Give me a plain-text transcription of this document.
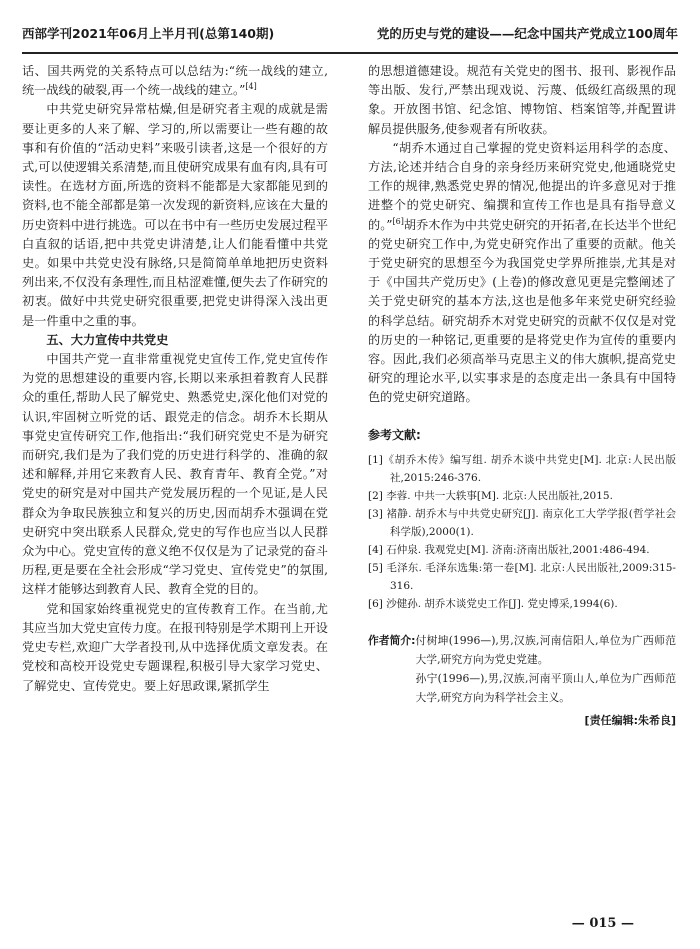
西部学刊2021年06月上半月刊(总第140期)	党的历史与党的建设——纪念中国共产党成立100周年

话、国共两党的关系特点可以总结为:“统一战线的建立,统一战线的破裂,再一个统一战线的建立。”[4]

中共党史研究异常枯燥,但是研究者主观的成就是需要让更多的人来了解、学习的,所以需要让一些有趣的故事和有价值的“活动史料”来吸引读者,这是一个很好的方式,可以使逻辑关系清楚,而且使研究成果有血有肉,具有可读性。在选材方面,所选的资料不能都是大家都能见到的资料,也不能全部都是第一次发现的新资料,应该在大量的历史资料中进行挑选。可以在书中有一些历史发展过程平白直叙的话语,把中共党史讲清楚,让人们能看懂中共党史。如果中共党史没有脉络,只是简简单单地把历史资料列出来,不仅没有条理性,而且枯涩难懂,便失去了作研究的初衷。做好中共党史研究很重要,把党史讲得深入浅出更是一件重中之重的事。

五、大力宣传中共党史

中国共产党一直非常重视党史宣传工作,党史宣传作为党的思想建设的重要内容,长期以来承担着教育人民群众的重任,帮助人民了解党史、熟悉党史,深化他们对党的认识,牢固树立听党的话、跟党走的信念。胡乔木长期从事党史宣传研究工作,他指出:“我们研究党史不是为研究而研究,我们是为了我们党的历史进行科学的、准确的叙述和解释,并用它来教育人民、教育青年、教育全党。”对党史的研究是对中国共产党发展历程的一个见证,是人民群众为争取民族独立和复兴的历史,因而胡乔木强调在党史研究中突出联系人民群众,党史的写作也应当以人民群众为中心。党史宣传的意义绝不仅仅是为了记录党的奋斗历程,更是要在全社会形成“学习党史、宣传党史”的氛围,这样才能够达到教育人民、教育全党的目的。

党和国家始终重视党史的宣传教育工作。在当前,尤其应当加大党史宣传力度。在报刊特别是学术期刊上开设党史专栏,欢迎广大学者投刊,从中选择优质文章发表。在党校和高校开设党史专题课程,积极引导大家学习党史、了解党史、宣传党史。要上好思政课,紧抓学生

的思想道德建设。规范有关党史的图书、报刊、影视作品等出版、发行,严禁出现戏说、污蔑、低级红高级黑的现象。开放图书馆、纪念馆、博物馆、档案馆等,并配置讲解员提供服务,使参观者有所收获。

“胡乔木通过自己掌握的党史资料运用科学的态度、方法,论述并结合自身的亲身经历来研究党史,他通晓党史工作的规律,熟悉党史界的情况,他提出的许多意见对于推进整个的党史研究、编撰和宣传工作也是具有指导意义的。”[6]胡乔木作为中共党史研究的开拓者,在长达半个世纪的党史研究工作中,为党史研究作出了重要的贡献。他关于党史研究的思想至今为我国党史学界所推崇,尤其是对于《中国共产党历史》(上卷)的修改意见更是完整阐述了关于党史研究的基本方法,这也是他多年来党史研究经验的科学总结。研究胡乔木对党史研究的贡献不仅仅是对党的历史的一种铭记,更重要的是将党史作为宣传的重要内容。因此,我们必须高举马克思主义的伟大旗帜,提高党史研究的理论水平,以实事求是的态度走出一条具有中国特色的党史研究道路。

参考文献:
[1]《胡乔木传》编写组. 胡乔木谈中共党史[M]. 北京:人民出版社,2015:246-376.
[2] 李蓉. 中共一大轶事[M]. 北京:人民出版社,2015.
[3] 褚静. 胡乔木与中共党史研究[J]. 南京化工大学学报(哲学社会科学版),2000(1).
[4] 石仲泉. 我观党史[M]. 济南:济南出版社,2001:486-494.
[5] 毛泽东. 毛泽东选集:第一卷[M]. 北京:人民出版社,2009:315-316.
[6] 沙健孙. 胡乔木谈党史工作[J]. 党史博采,1994(6).
作者简介: 付树坤(1996—),男,汉族,河南信阳人,单位为广西师范大学,研究方向为党史党建。

孙宁(1996—),男,汉族,河南平顶山人,单位为广西师范大学,研究方向为科学社会主义。

[责任编辑:朱希良]
— 015 —
